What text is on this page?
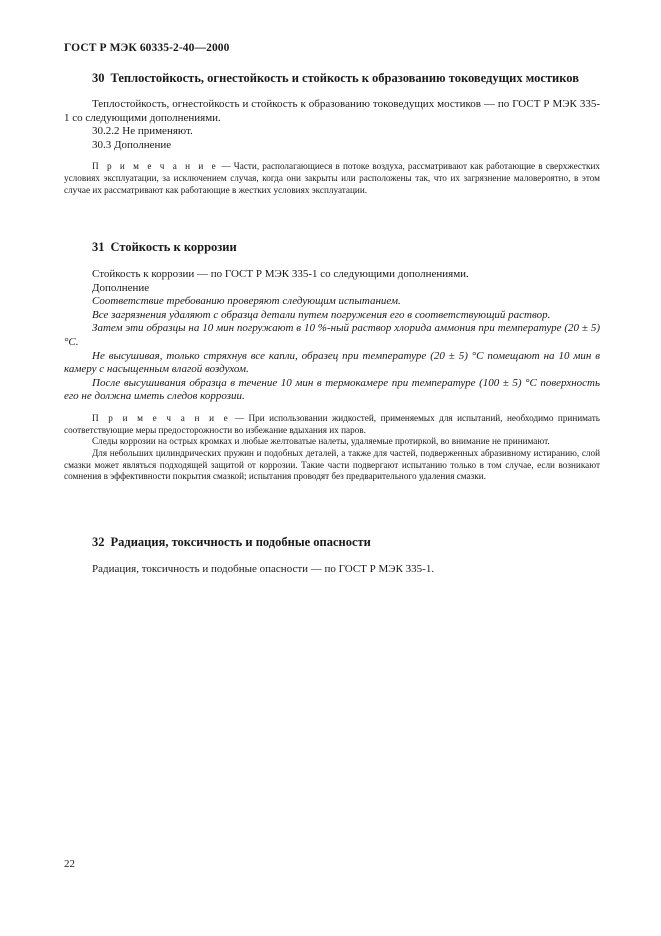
ГОСТ Р МЭК 60335-2-40—2000

30 Теплостойкость, огнестойкость и стойкость к образованию токоведущих мостиков

Теплостойкость, огнестойкость и стойкость к образованию токоведущих мостиков — по ГОСТ Р МЭК 335-1 со следующими дополнениями.

30.2.2 Не применяют.

30.3 Дополнение

П р и м е ч а н и е — Части, располагающиеся в потоке воздуха, рассматривают как работающие в сверхжестких условиях эксплуатации, за исключением случая, когда они закрыты или расположены так, что их загрязнение маловероятно, в этом случае их рассматривают как работающие в жестких условиях эксплуатации.

31 Стойкость к коррозии

Стойкость к коррозии — по ГОСТ Р МЭК 335-1 со следующими дополнениями.

Дополнение

Соответствие требованию проверяют следующим испытанием.

Все загрязнения удаляют с образца детали путем погружения его в соответствующий раствор.

Затем эти образцы на 10 мин погружают в 10 %-ный раствор хлорида аммония при температуре (20 ± 5) °С.

Не высушивая, только стряхнув все капли, образец при температуре (20 ± 5) °С помещают на 10 мин в камеру с насыщенным влагой воздухом.

После высушивания образца в течение 10 мин в термокамере при температуре (100 ± 5) °С поверхность его не должна иметь следов коррозии.

П р и м е ч а н и е — При использовании жидкостей, применяемых для испытаний, необходимо принимать соответствующие меры предосторожности во избежание вдыхания их паров.

Следы коррозии на острых кромках и любые желтоватые налеты, удаляемые протиркой, во внимание не принимают.

Для небольших цилиндрических пружин и подобных деталей, а также для частей, подверженных абразивному истиранию, слой смазки может являться подходящей защитой от коррозии. Такие части подвергают испытанию только в том случае, если возникают сомнения в эффективности покрытия смазкой; испытания проводят без предварительного удаления смазки.

32 Радиация, токсичность и подобные опасности

Радиация, токсичность и подобные опасности — по ГОСТ Р МЭК 335-1.

22
